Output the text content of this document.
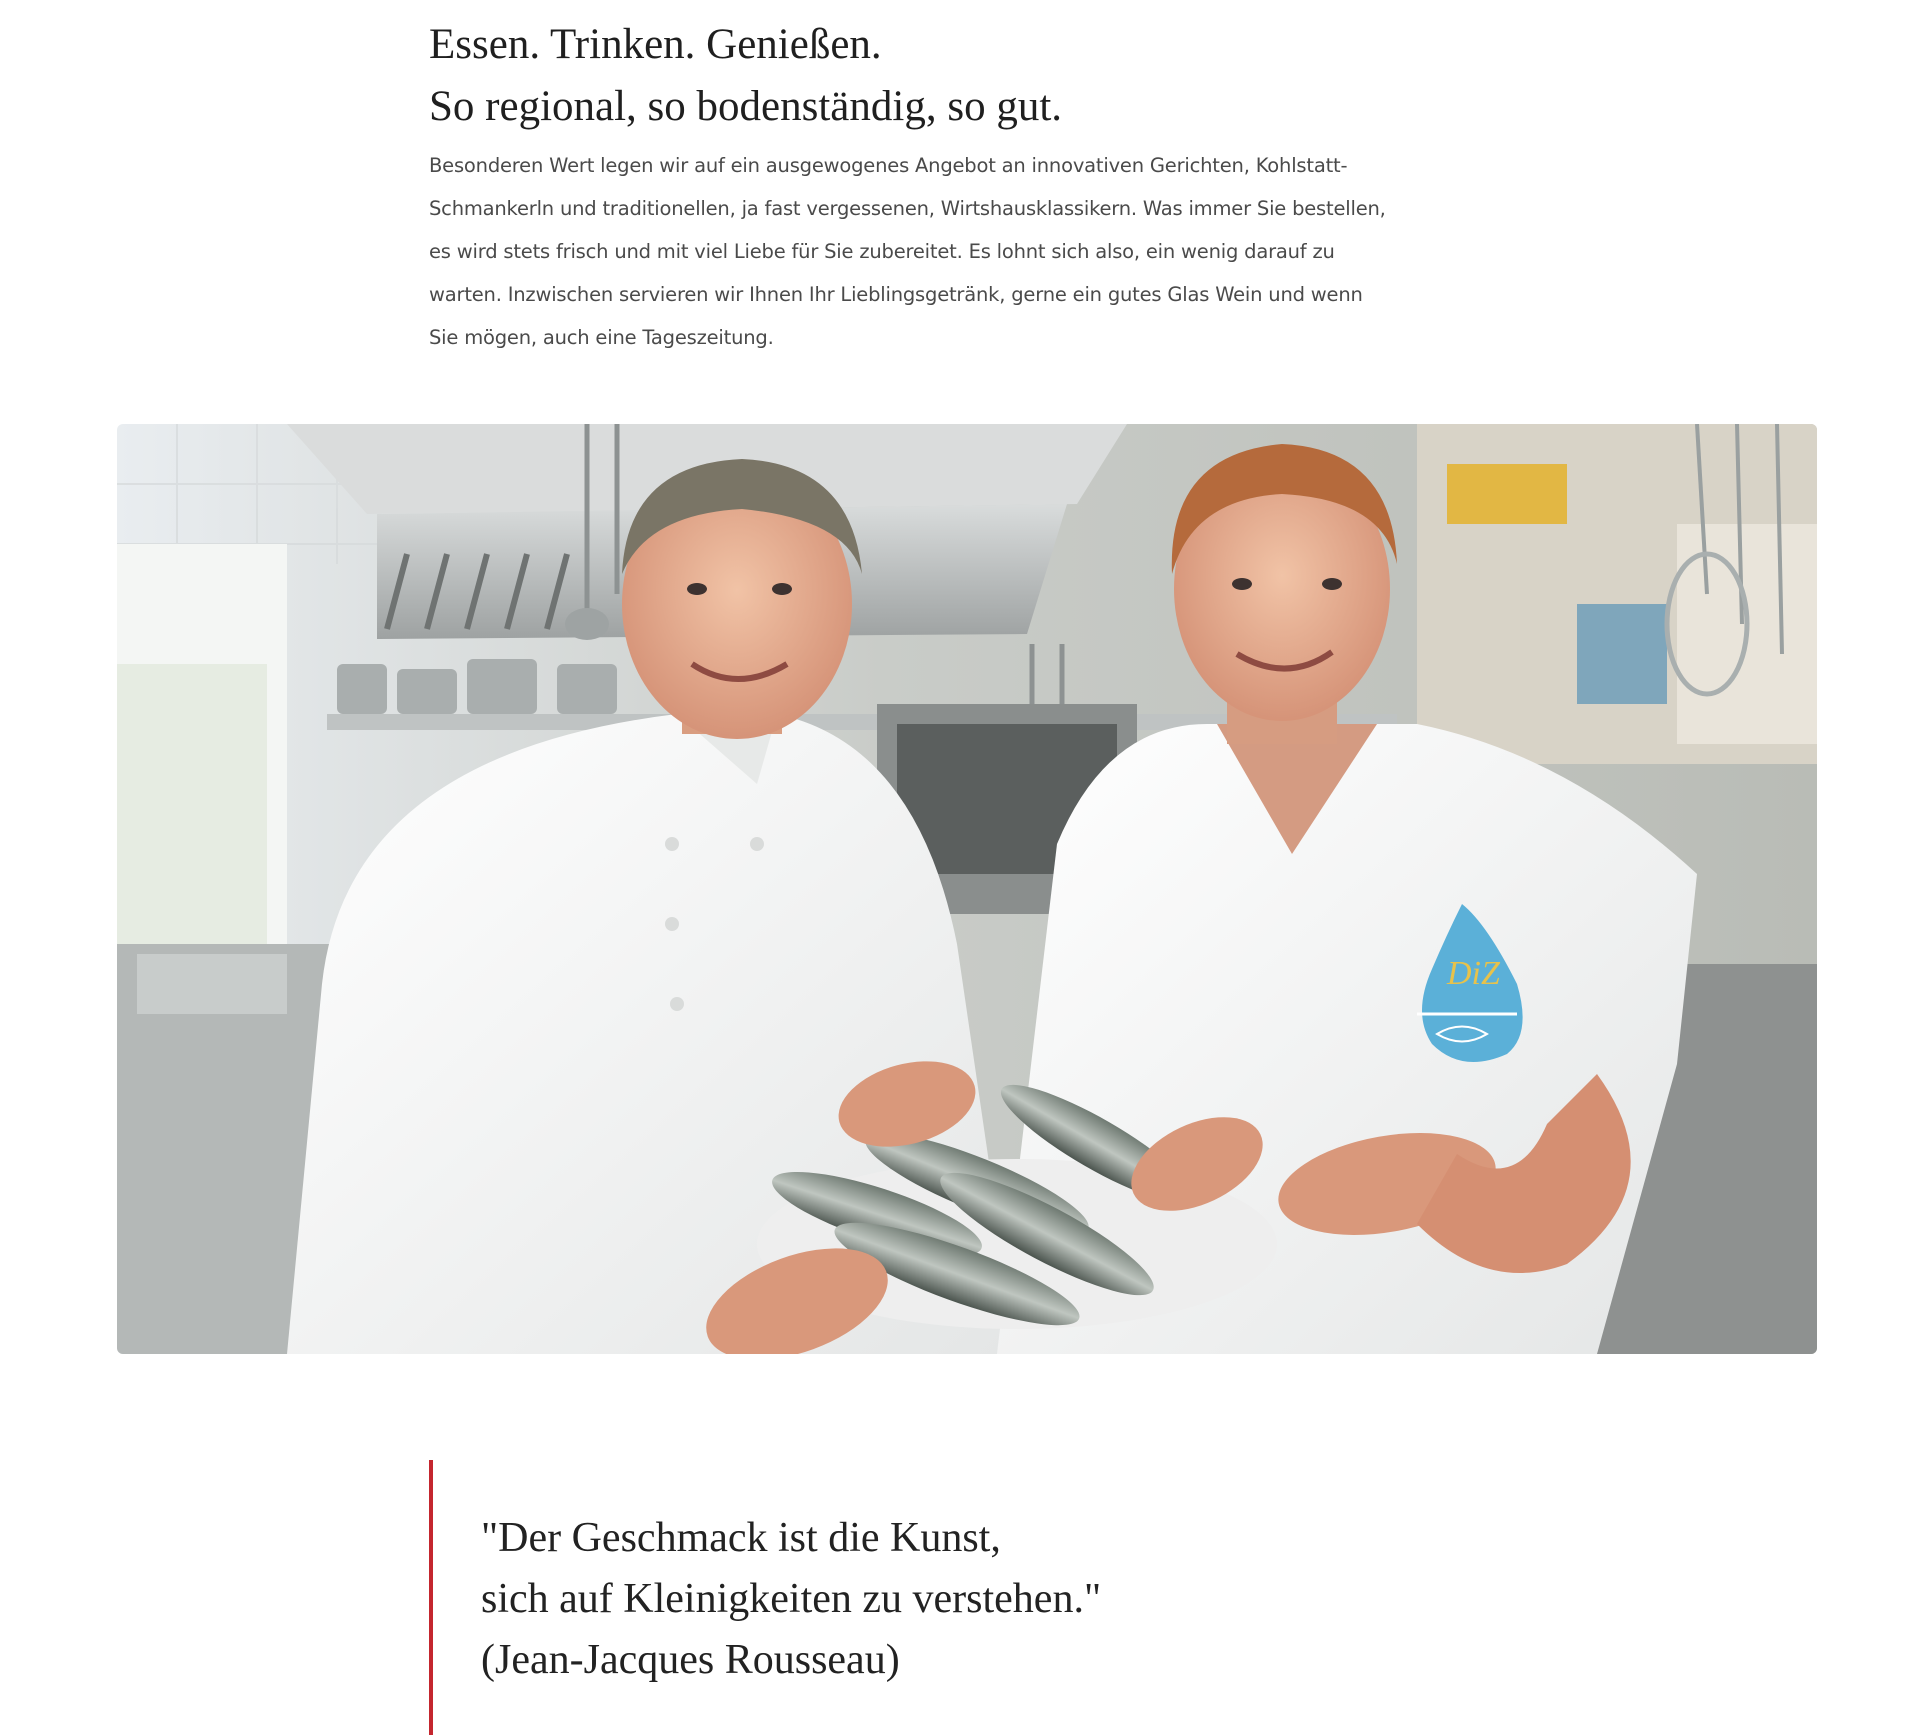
Essen. Trinken. Genießen.
So regional, so bodenständig, so gut.

Besonderen Wert legen wir auf ein ausgewogenes Angebot an innovativen Gerichten, Kohlstatt-
Schmankerln und traditionellen, ja fast vergessenen, Wirtshausklassikern. Was immer Sie bestellen,
es wird stets frisch und mit viel Liebe für Sie zubereitet. Es lohnt sich also, ein wenig darauf zu
warten. Inzwischen servieren wir Ihnen Ihr Lieblingsgetränk, gerne ein gutes Glas Wein und wenn
Sie mögen, auch eine Tageszeitung.

DiZ

"Der Geschmack ist die Kunst,
sich auf Kleinigkeiten zu verstehen."
(Jean-Jacques Rousseau)
